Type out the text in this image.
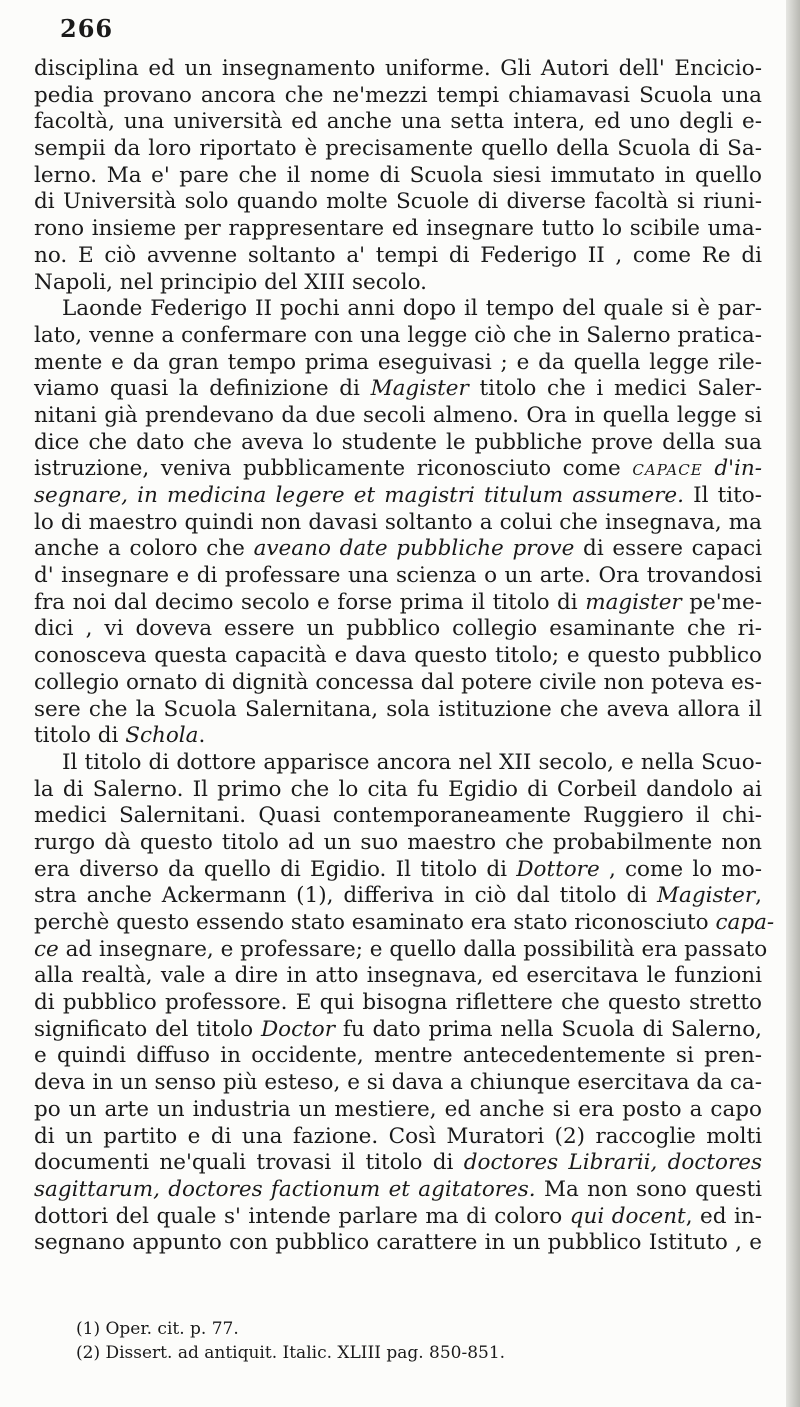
266
disciplina ed un insegnamento uniforme. Gli Autori dell' Encicio-
pedia provano ancora che ne'mezzi tempi chiamavasi Scuola una
facoltà, una università ed anche una setta intera, ed uno degli e-
sempii da loro riportato è precisamente quello della Scuola di Sa-
lerno. Ma e' pare che il nome di Scuola siesi immutato in quello
di Università solo quando molte Scuole di diverse facoltà si riuni-
rono insieme per rappresentare ed insegnare tutto lo scibile uma-
no. E ciò avvenne soltanto a' tempi di Federigo II , come Re di
Napoli, nel principio del XIII secolo.
Laonde Federigo II pochi anni dopo il tempo del quale si è par-
lato, venne a confermare con una legge ciò che in Salerno pratica-
mente e da gran tempo prima eseguivasi ; e da quella legge rile-
viamo quasi la definizione di Magister titolo che i medici Saler-
nitani già prendevano da due secoli almeno. Ora in quella legge si
dice che dato che aveva lo studente le pubbliche prove della sua
istruzione, veniva pubblicamente riconosciuto come capace d'in-
segnare, in medicina legere et magistri titulum assumere. Il tito-
lo di maestro quindi non davasi soltanto a colui che insegnava, ma
anche a coloro che aveano date pubbliche prove di essere capaci
d' insegnare e di professare una scienza o un arte. Ora trovandosi
fra noi dal decimo secolo e forse prima il titolo di magister pe'me-
dici , vi doveva essere un pubblico collegio esaminante che ri-
conosceva questa capacità e dava questo titolo; e questo pubblico
collegio ornato di dignità concessa dal potere civile non poteva es-
sere che la Scuola Salernitana, sola istituzione che aveva allora il
titolo di Schola.
Il titolo di dottore apparisce ancora nel XII secolo, e nella Scuo-
la di Salerno. Il primo che lo cita fu Egidio di Corbeil dandolo ai
medici Salernitani. Quasi contemporaneamente Ruggiero il chi-
rurgo dà questo titolo ad un suo maestro che probabilmente non
era diverso da quello di Egidio. Il titolo di Dottore , come lo mo-
stra anche Ackermann (1), differiva in ciò dal titolo di Magister,
perchè questo essendo stato esaminato era stato riconosciuto capa-
ce ad insegnare, e professare; e quello dalla possibilità era passato
alla realtà, vale a dire in atto insegnava, ed esercitava le funzioni
di pubblico professore. E qui bisogna riflettere che questo stretto
significato del titolo Doctor fu dato prima nella Scuola di Salerno,
e quindi diffuso in occidente, mentre antecedentemente si pren-
deva in un senso più esteso, e si dava a chiunque esercitava da ca-
po un arte un industria un mestiere, ed anche si era posto a capo
di un partito e di una fazione. Così Muratori (2) raccoglie molti
documenti ne'quali trovasi il titolo di doctores Librarii, doctores
sagittarum, doctores factionum et agitatores. Ma non sono questi
dottori del quale s' intende parlare ma di coloro qui docent, ed in-
segnano appunto con pubblico carattere in un pubblico Istituto , e
(1) Oper. cit. p. 77.
(2) Dissert. ad antiquit. Italic. XLIII pag. 850-851.
